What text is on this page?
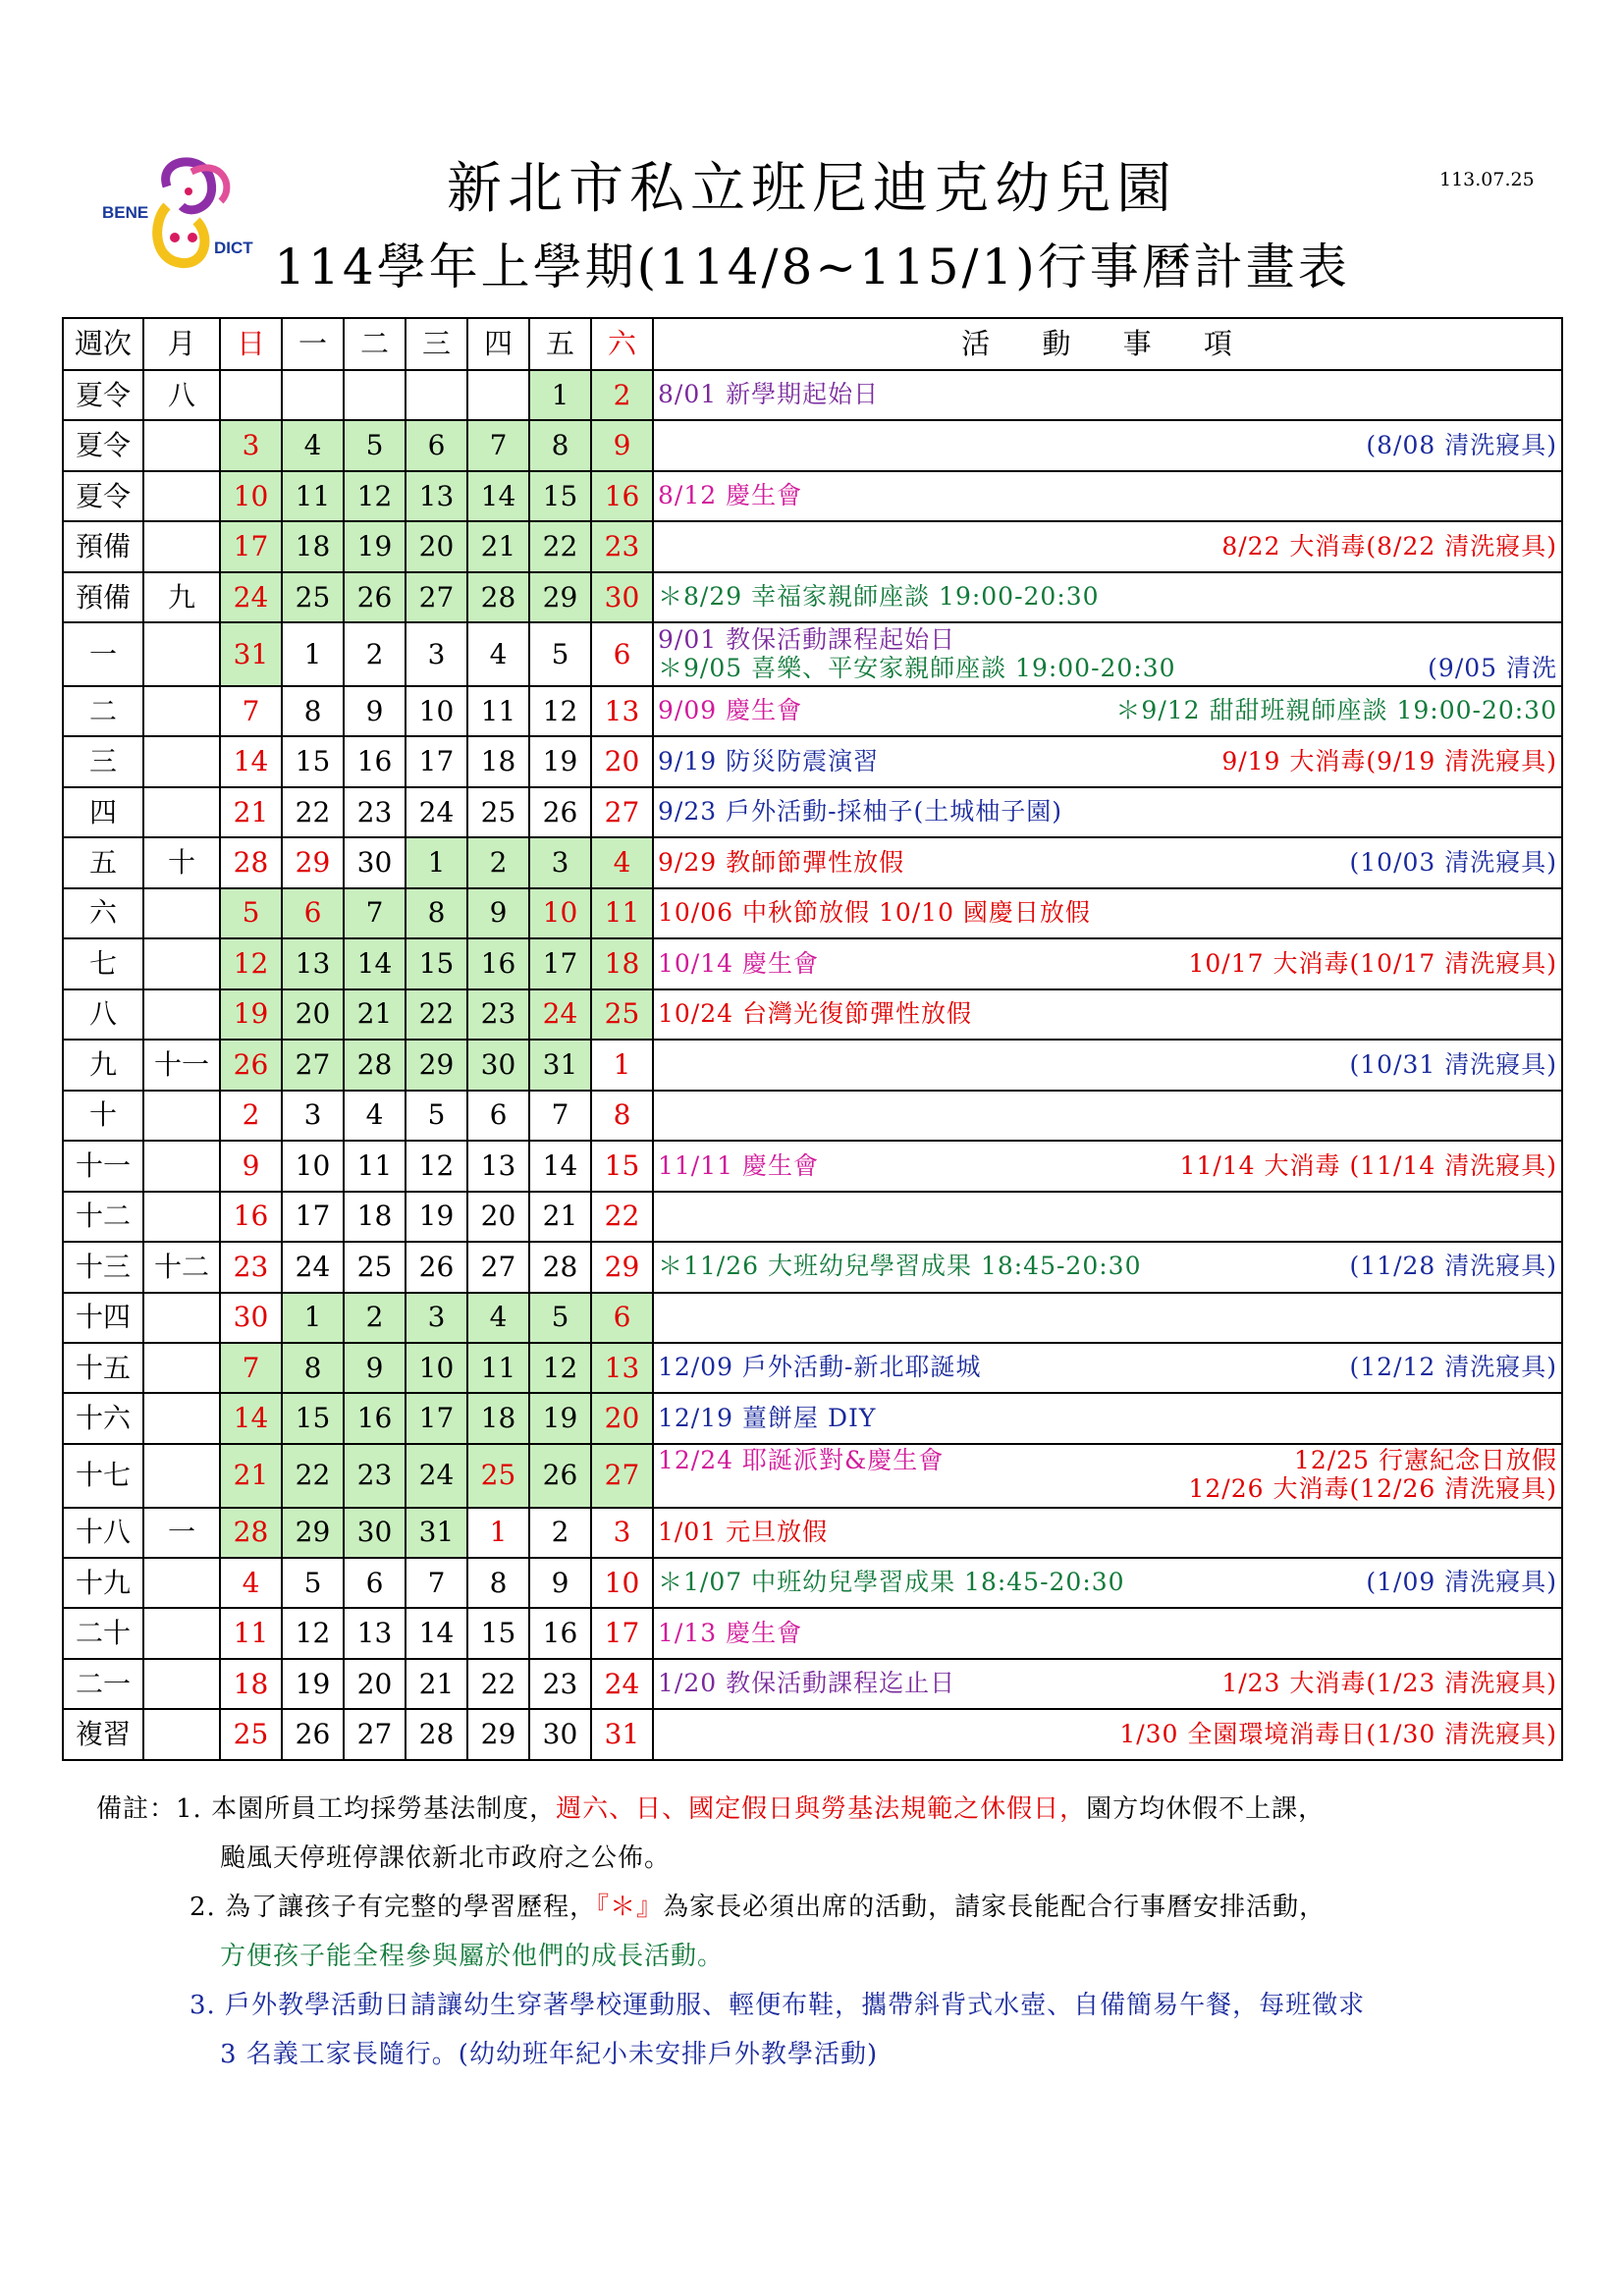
BENE
DICT
新北市私立班尼迪克幼兒園
114學年上學期(114/8~115/1)行事曆計畫表
113.07.25
週次	月	日	一	二	三	四	五	六	活 動 事 項
夏令	八						1	2	8/01 新學期起始日

夏令		3	4	5	6	7	8	9	(8/08 清洗寢具)

夏令		10	11	12	13	14	15	16	8/12 慶生會

預備		17	18	19	20	21	22	23	8/22 大消毒(8/22 清洗寢具)

預備	九	24	25	26	27	28	29	30	＊8/29 幸福家親師座談 19:00-20:30

一		31	1	2	3	4	5	6	9/01 教保活動課程起始日
＊9/05 喜樂、平安家親師座談 19:00-20:30 (9/05 清洗

二		7	8	9	10	11	12	13	9/09 慶生會 ＊9/12 甜甜班親師座談 19:00-20:30

三		14	15	16	17	18	19	20	9/19 防災防震演習 9/19 大消毒(9/19 清洗寢具)

四		21	22	23	24	25	26	27	9/23 戶外活動-採柚子(土城柚子園)

五	十	28	29	30	1	2	3	4	9/29 教師節彈性放假 (10/03 清洗寢具)

六		5	6	7	8	9	10	11	10/06 中秋節放假 10/10 國慶日放假

七		12	13	14	15	16	17	18	10/14 慶生會 10/17 大消毒(10/17 清洗寢具)

八		19	20	21	22	23	24	25	10/24 台灣光復節彈性放假

九	十一	26	27	28	29	30	31	1	(10/31 清洗寢具)

十		2	3	4	5	6	7	8	

十一		9	10	11	12	13	14	15	11/11 慶生會 11/14 大消毒 (11/14 清洗寢具)

十二		16	17	18	19	20	21	22	

十三	十二	23	24	25	26	27	28	29	＊11/26 大班幼兒學習成果 18:45-20:30 (11/28 清洗寢具)

十四		30	1	2	3	4	5	6	

十五		7	8	9	10	11	12	13	12/09 戶外活動-新北耶誕城 (12/12 清洗寢具)

十六		14	15	16	17	18	19	20	12/19 薑餅屋 DIY

十七		21	22	23	24	25	26	27	12/24 耶誕派對&慶生會 12/25 行憲紀念日放假
12/26 大消毒(12/26 清洗寢具)

十八	一	28	29	30	31	1	2	3	1/01 元旦放假

十九		4	5	6	7	8	9	10	＊1/07 中班幼兒學習成果 18:45-20:30 (1/09 清洗寢具)

二十		11	12	13	14	15	16	17	1/13 慶生會

二一		18	19	20	21	22	23	24	1/20 教保活動課程迄止日 1/23 大消毒(1/23 清洗寢具)

複習		25	26	27	28	29	30	31	1/30 全園環境消毒日(1/30 清洗寢具)
備註：1. 本園所員工均採勞基法制度，週六、日、國定假日與勞基法規範之休假日，園方均休假不上課，
颱風天停班停課依新北市政府之公佈。
2. 為了讓孩子有完整的學習歷程，『＊』為家長必須出席的活動，請家長能配合行事曆安排活動，
方便孩子能全程參與屬於他們的成長活動。
3. 戶外教學活動日請讓幼生穿著學校運動服、輕便布鞋，攜帶斜背式水壺、自備簡易午餐，每班徵求
3 名義工家長隨行。(幼幼班年紀小未安排戶外教學活動)
